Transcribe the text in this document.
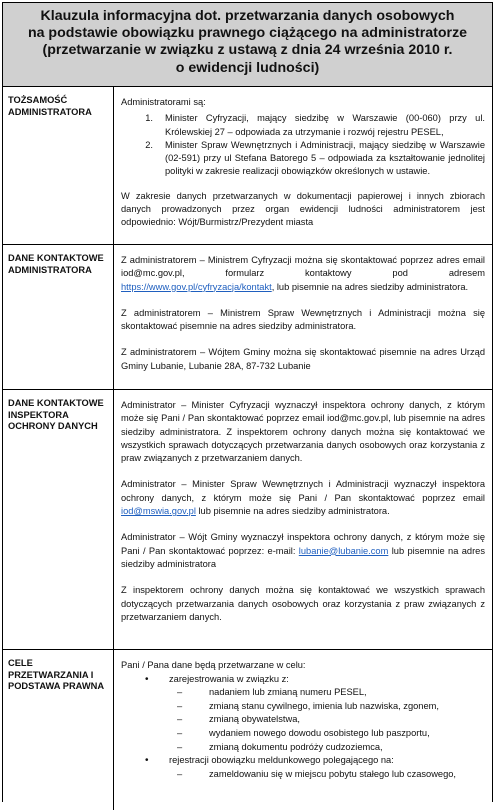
Klauzula informacyjna dot. przetwarzania danych osobowych
na podstawie obowiązku prawnego ciążącego na administratorze
(przetwarzanie w związku z ustawą z dnia 24 września 2010 r.
o ewidencji ludności)
TOŻSAMOŚĆ ADMINISTRATORA
Administratorami są:
1.	Minister Cyfryzacji, mający siedzibę w Warszawie (00-060) przy ul. Królewskiej 27 – odpowiada za utrzymanie i rozwój rejestru PESEL,
2.	Minister Spraw Wewnętrznych i Administracji, mający siedzibę w Warszawie (02-591) przy ul Stefana Batorego 5 – odpowiada za kształtowanie jednolitej polityki w zakresie realizacji obowiązków określonych w ustawie.

W zakresie danych przetwarzanych w dokumentacji papierowej i innych zbiorach danych prowadzonych przez organ ewidencji ludności administratorem jest odpowiednio: Wójt/Burmistrz/Prezydent miasta

DANE KONTAKTOWE ADMINISTRATORA

Z administratorem – Ministrem Cyfryzacji można się skontaktować poprzez adres email iod@mc.gov.pl, formularz kontaktowy pod adresem https://www.gov.pl/cyfryzacja/kontakt, lub pisemnie na adres siedziby administratora.

Z administratorem – Ministrem Spraw Wewnętrznych i Administracji można się skontaktować pisemnie na adres siedziby administratora.

Z administratorem – Wójtem Gminy można się skontaktować pisemnie na adres Urząd Gminy Lubanie, Lubanie 28A, 87-732 Lubanie

DANE KONTAKTOWE INSPEKTORA OCHRONY DANYCH

Administrator – Minister Cyfryzacji wyznaczył inspektora ochrony danych, z którym może się Pani / Pan skontaktować poprzez email iod@mc.gov.pl, lub pisemnie na adres siedziby administratora. Z inspektorem ochrony danych można się kontaktować we wszystkich sprawach dotyczących przetwarzania danych osobowych oraz korzystania z praw związanych z przetwarzaniem danych.

Administrator – Minister Spraw Wewnętrznych i Administracji wyznaczył inspektora ochrony danych, z którym może się Pani / Pan skontaktować poprzez email iod@mswia.gov.pl lub pisemnie na adres siedziby administratora.

Administrator – Wójt Gminy wyznaczył inspektora ochrony danych, z którym może się Pani / Pan skontaktować poprzez: e-mail: lubanie@lubanie.com lub pisemnie na adres siedziby administratora

Z inspektorem ochrony danych można się kontaktować we wszystkich sprawach dotyczących przetwarzania danych osobowych oraz korzystania z praw związanych z przetwarzaniem danych.

CELE PRZETWARZANIA I PODSTAWA PRAWNA
Pani / Pana dane będą przetwarzane w celu:
•	zarejestrowania w związku z:
–	nadaniem lub zmianą numeru PESEL,
–	zmianą stanu cywilnego, imienia lub nazwiska, zgonem,
–	zmianą obywatelstwa,
–	wydaniem nowego dowodu osobistego lub paszportu,
–	zmianą dokumentu podróży cudzoziemca,
•	rejestracji obowiązku meldunkowego polegającego na:
–	zameldowaniu się w miejscu pobytu stałego lub czasowego,
